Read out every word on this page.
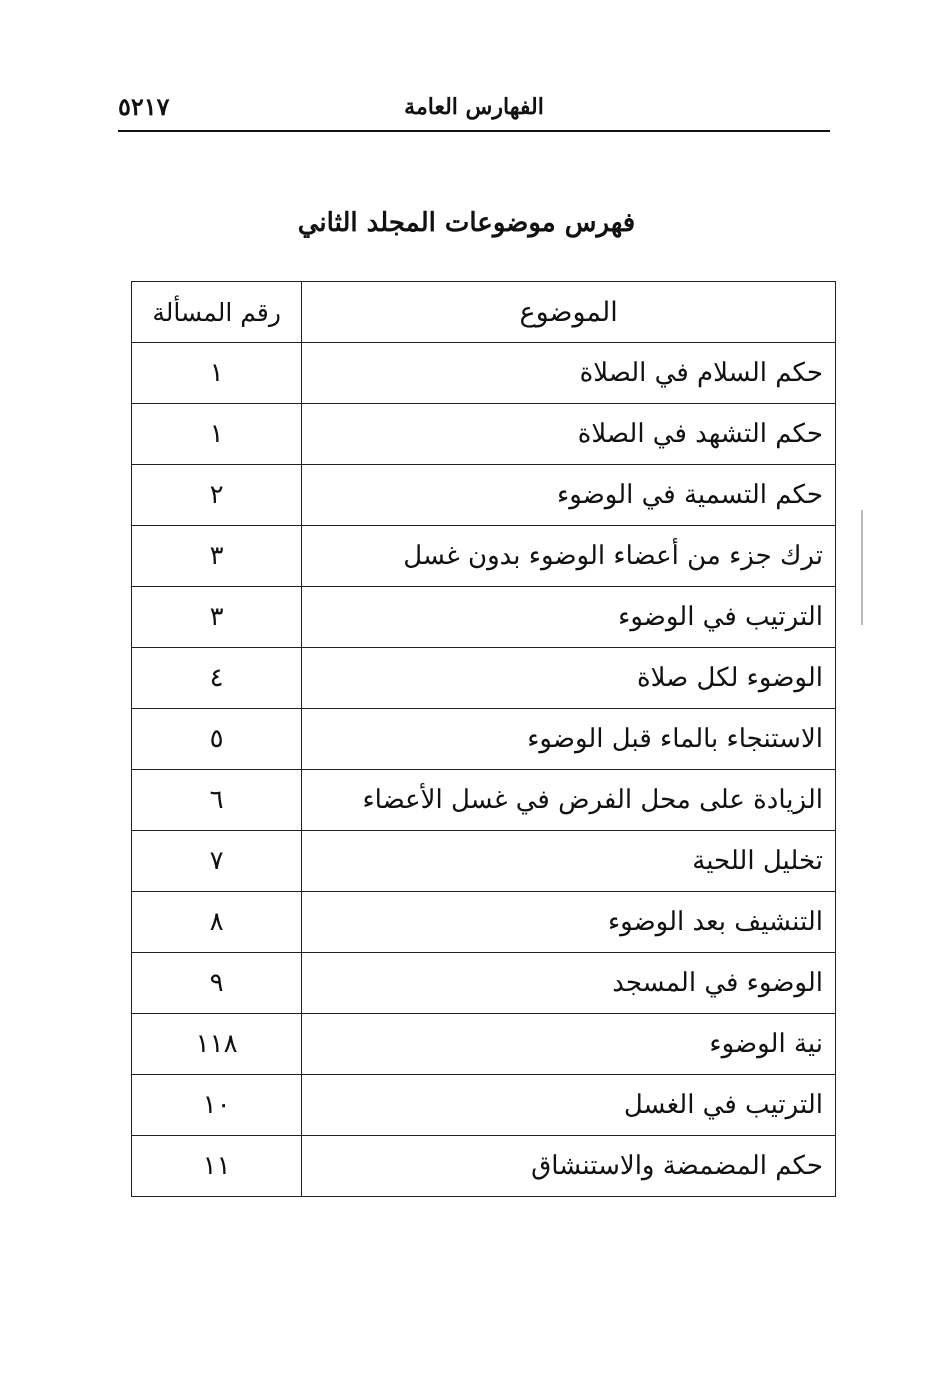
الفهارس العامة
٥٢١٧
فهرس موضوعات المجلد الثاني
الموضوع	رقم المسألة
حكم السلام في الصلاة	١
حكم التشهد في الصلاة	١
حكم التسمية في الوضوء	٢
ترك جزء من أعضاء الوضوء بدون غسل	٣
الترتيب في الوضوء	٣
الوضوء لكل صلاة	٤
الاستنجاء بالماء قبل الوضوء	٥
الزيادة على محل الفرض في غسل الأعضاء	٦
تخليل اللحية	٧
التنشيف بعد الوضوء	٨
الوضوء في المسجد	٩
نية الوضوء	١١٨
الترتيب في الغسل	١٠
حكم المضمضة والاستنشاق	١١
